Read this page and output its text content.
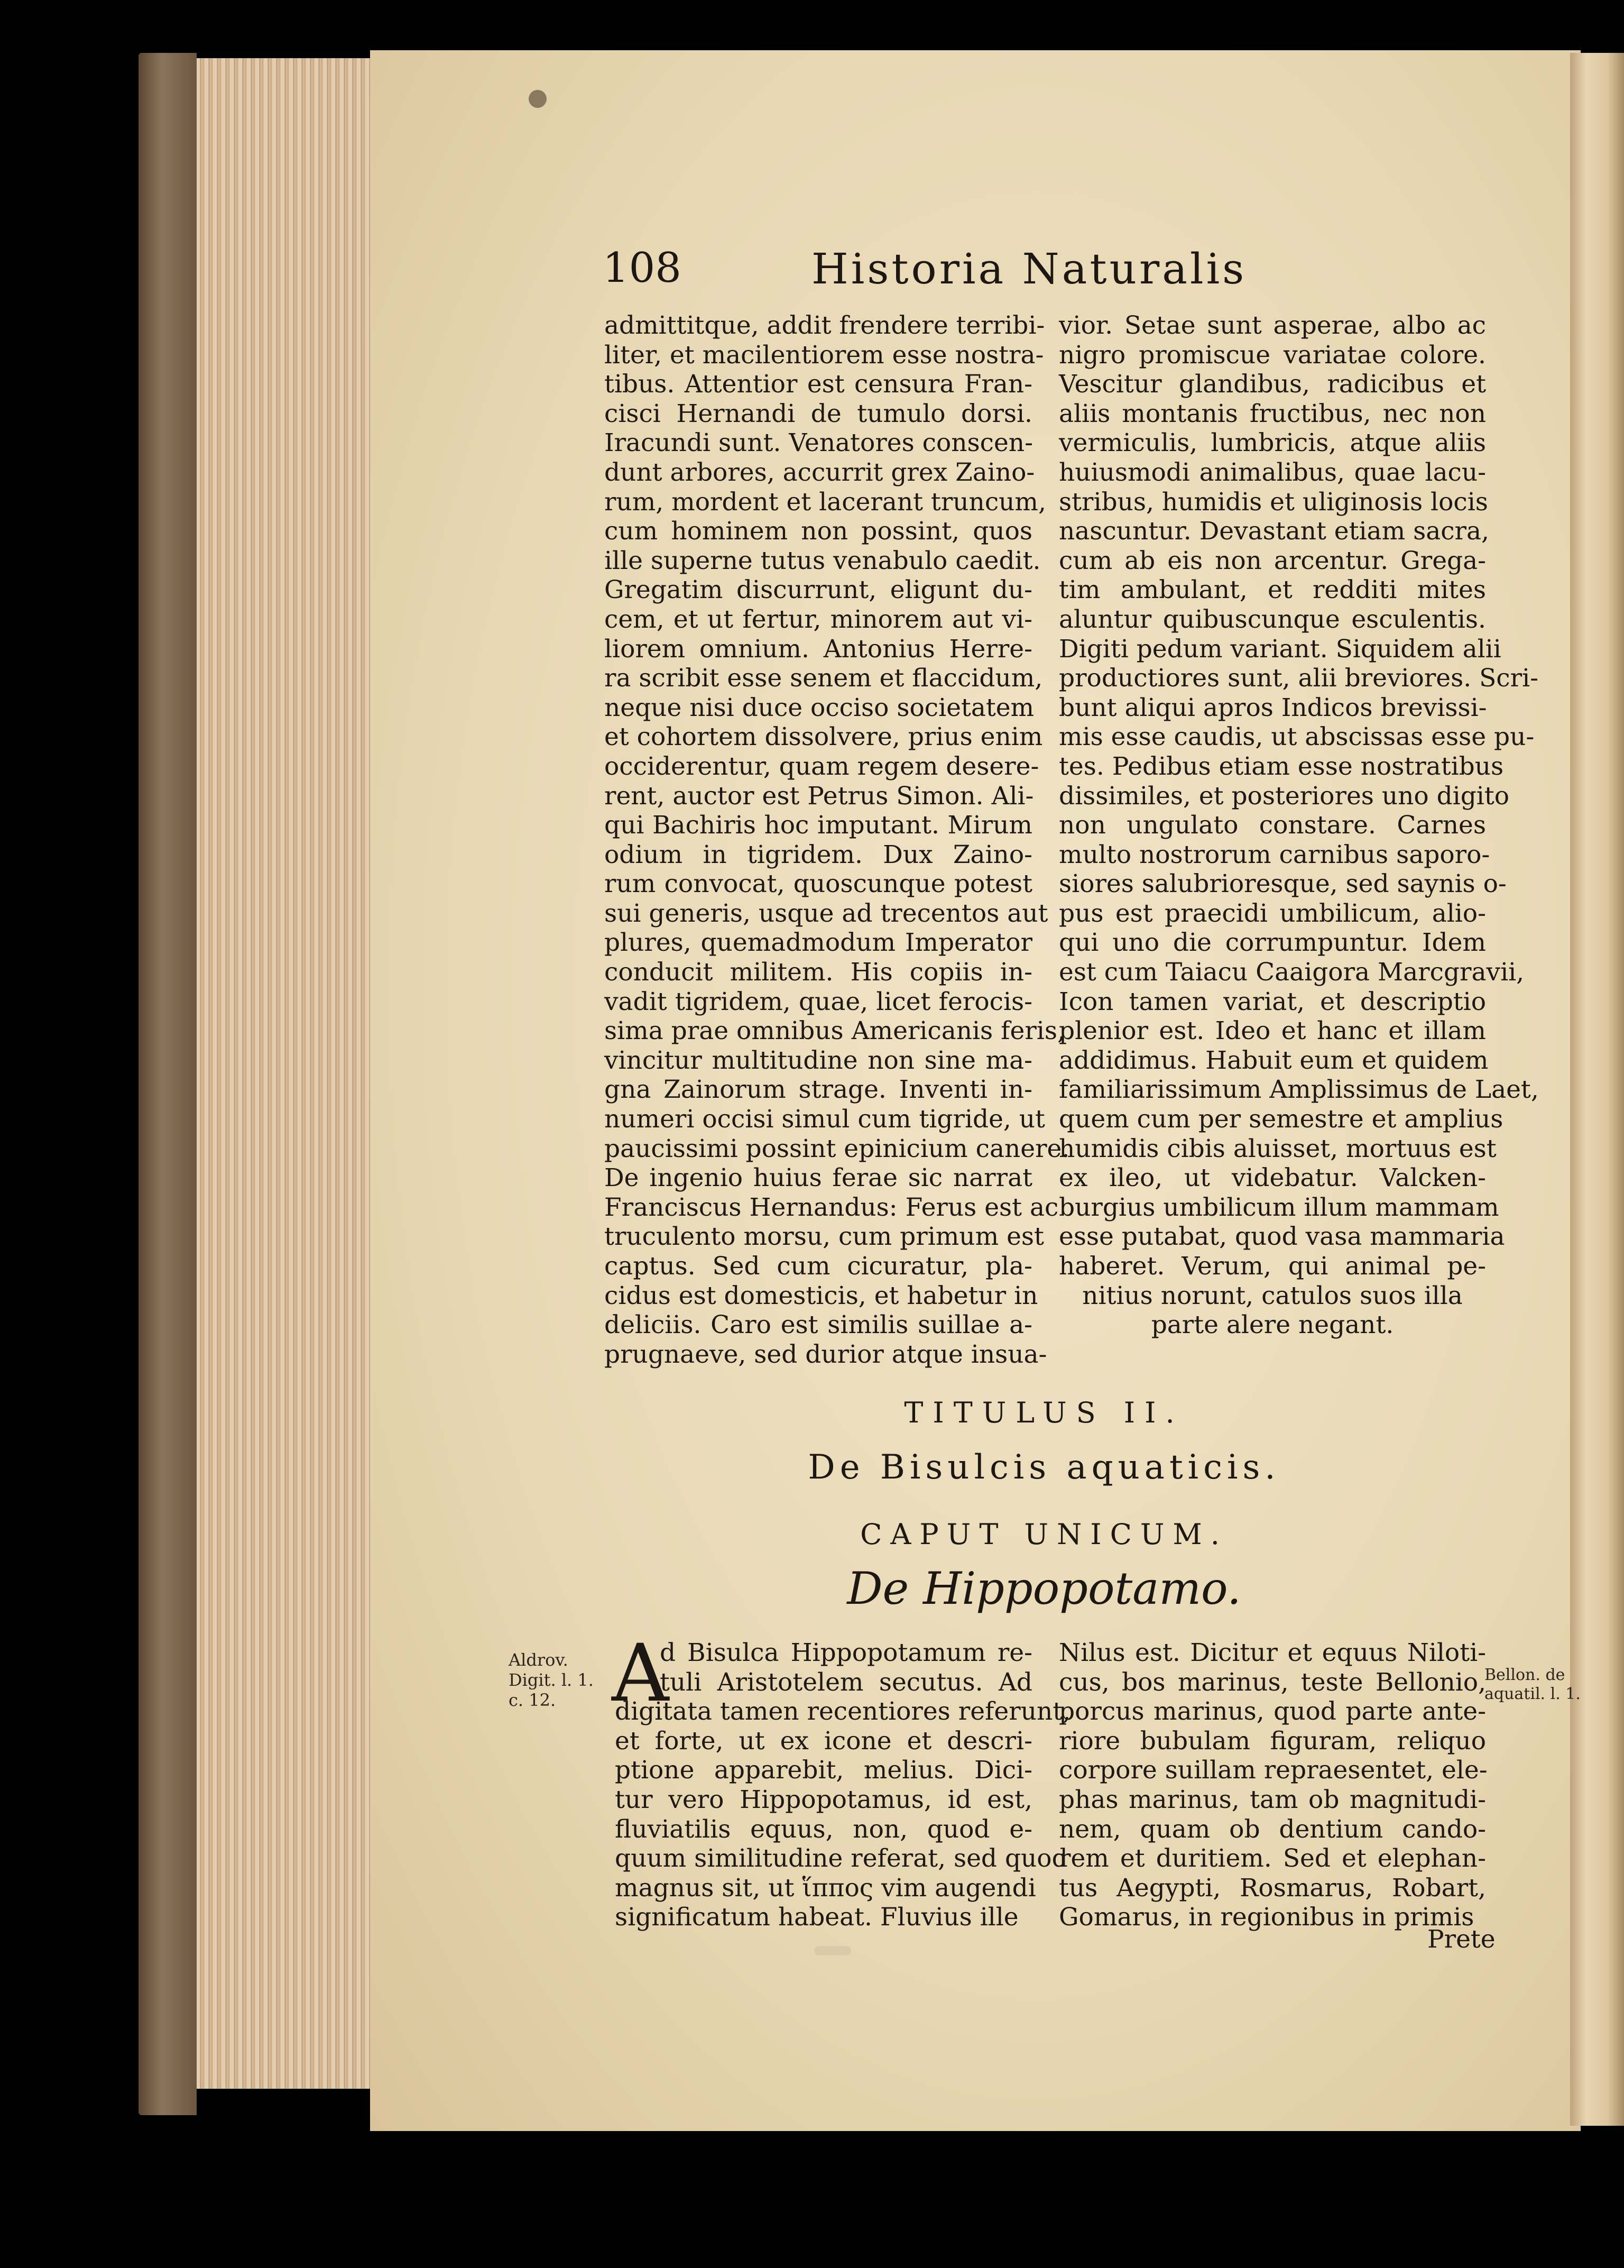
108	Historia Naturalis
admittitque, addit frendere terribi-
liter, et macilentiorem esse nostra-
tibus. Attentior est censura Fran-
cisci Hernandi de tumulo dorsi.
Iracundi sunt. Venatores conscen-
dunt arbores, accurrit grex Zaino-
rum, mordent et lacerant truncum,
cum hominem non possint, quos
ille superne tutus venabulo caedit.
Gregatim discurrunt, eligunt du-
cem, et ut fertur, minorem aut vi-
liorem omnium. Antonius Herre-
ra scribit esse senem et flaccidum,
neque nisi duce occiso societatem
et cohortem dissolvere, prius enim
occiderentur, quam regem desere-
rent, auctor est Petrus Simon. Ali-
qui Bachiris hoc imputant. Mirum
odium in tigridem. Dux Zaino-
rum convocat, quoscunque potest
sui generis, usque ad trecentos aut
plures, quemadmodum Imperator
conducit militem. His copiis in-
vadit tigridem, quae, licet ferocis-
sima prae omnibus Americanis feris,
vincitur multitudine non sine ma-
gna Zainorum strage. Inventi in-
numeri occisi simul cum tigride, ut
paucissimi possint epinicium canere.
De ingenio huius ferae sic narrat
Franciscus Hernandus: Ferus est ac
truculento morsu, cum primum est
captus. Sed cum cicuratur, pla-
cidus est domesticis, et habetur in
deliciis. Caro est similis suillae a-
prugnaeve, sed durior atque insua-
vior. Setae sunt asperae, albo ac
nigro promiscue variatae colore.
Vescitur glandibus, radicibus et
aliis montanis fructibus, nec non
vermiculis, lumbricis, atque aliis
huiusmodi animalibus, quae lacu-
stribus, humidis et uliginosis locis
nascuntur. Devastant etiam sacra,
cum ab eis non arcentur. Grega-
tim ambulant, et redditi mites
aluntur quibuscunque esculentis.
Digiti pedum variant. Siquidem alii
productiores sunt, alii breviores. Scri-
bunt aliqui apros Indicos brevissi-
mis esse caudis, ut abscissas esse pu-
tes. Pedibus etiam esse nostratibus
dissimiles, et posteriores uno digito
non ungulato constare. Carnes
multo nostrorum carnibus saporo-
siores salubrioresque, sed saynis o-
pus est praecidi umbilicum, alio-
qui uno die corrumpuntur. Idem
est cum Taiacu Caaigora Marcgravii,
Icon tamen variat, et descriptio
plenior est. Ideo et hanc et illam
addidimus. Habuit eum et quidem
familiarissimum Amplissimus de Laet,
quem cum per semestre et amplius
humidis cibis aluisset, mortuus est
ex ileo, ut videbatur. Valcken-
burgius umbilicum illum mammam
esse putabat, quod vasa mammaria
haberet. Verum, qui animal pe-
nitius norunt, catulos suos illa
parte alere negant.
TITULUS II.
De Bisulcis aquaticis.
CAPUT UNICUM.
De Hippopotamo.
Aldrov.
Digit. l. 1.
c. 12.
Bellon. de
aquatil. l. 1.
A
d Bisulca Hippopotamum re-
tuli Aristotelem secutus. Ad
digitata tamen recentiores referunt,
et forte, ut ex icone et descri-
ptione apparebit, melius. Dici-
tur vero Hippopotamus, id est,
fluviatilis equus, non, quod e-
quum similitudine referat, sed quod
magnus sit, ut ἵππος vim augendi
significatum habeat. Fluvius ille
Nilus est. Dicitur et equus Niloti-
cus, bos marinus, teste Bellonio,
porcus marinus, quod parte ante-
riore bubulam figuram, reliquo
corpore suillam repraesentet, ele-
phas marinus, tam ob magnitudi-
nem, quam ob dentium cando-
rem et duritiem. Sed et elephan-
tus Aegypti, Rosmarus, Robart,
Gomarus, in regionibus in primis
Prete
